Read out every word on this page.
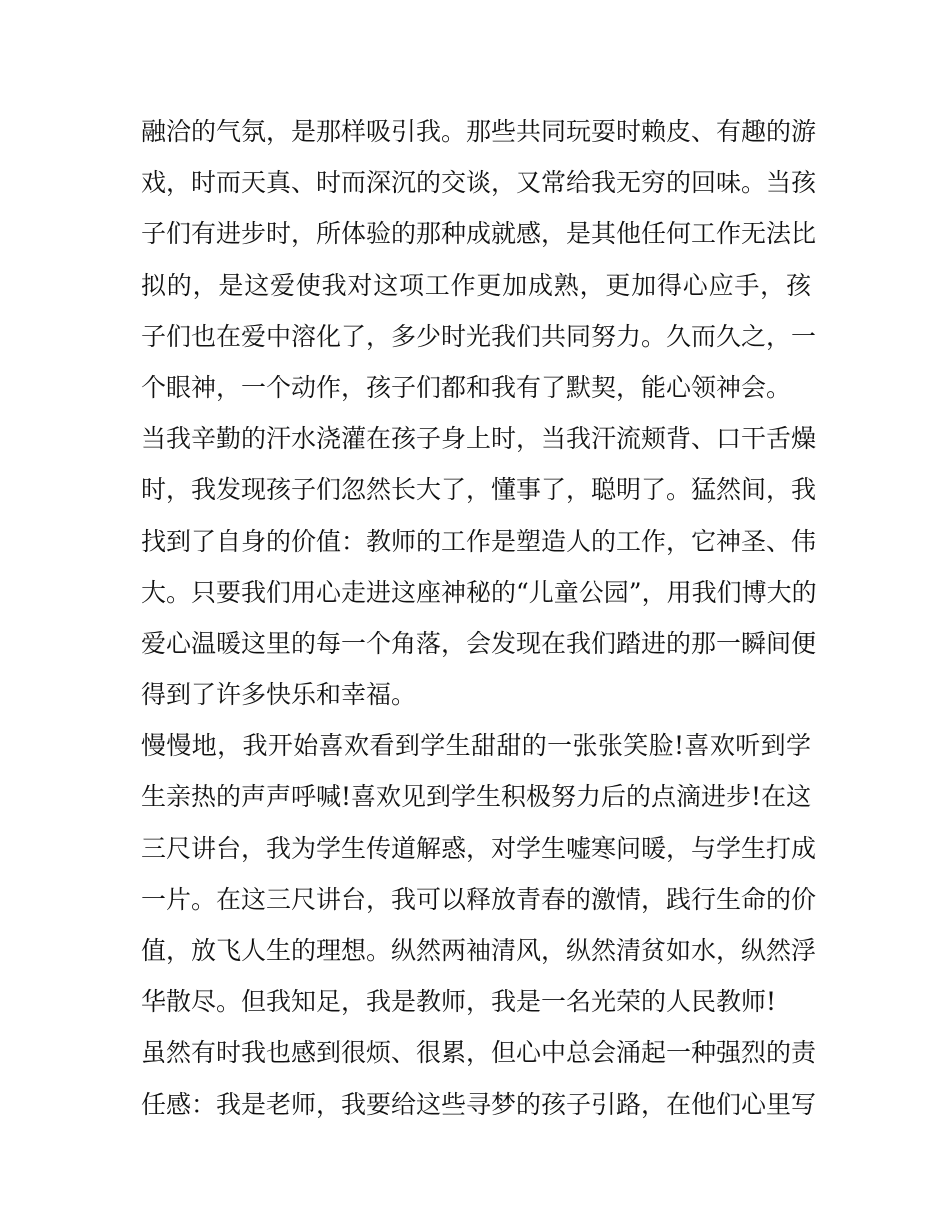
融洽的气氛，是那样吸引我。那些共同玩耍时赖皮、有趣的游
戏，时而天真、时而深沉的交谈，又常给我无穷的回味。当孩
子们有进步时，所体验的那种成就感，是其他任何工作无法比
拟的，是这爱使我对这项工作更加成熟，更加得心应手，孩
子们也在爱中溶化了，多少时光我们共同努力。久而久之，一
个眼神，一个动作，孩子们都和我有了默契，能心领神会。
当我辛勤的汗水浇灌在孩子身上时，当我汗流颊背、口干舌燥
时，我发现孩子们忽然长大了，懂事了，聪明了。猛然间，我
找到了自身的价值：教师的工作是塑造人的工作，它神圣、伟
大。只要我们用心走进这座神秘的“儿童公园”，用我们博大的
爱心温暖这里的每一个角落，会发现在我们踏进的那一瞬间便
得到了许多快乐和幸福。
慢慢地，我开始喜欢看到学生甜甜的一张张笑脸!喜欢听到学
生亲热的声声呼喊!喜欢见到学生积极努力后的点滴进步!在这
三尺讲台，我为学生传道解惑，对学生嘘寒问暖，与学生打成
一片。在这三尺讲台，我可以释放青春的激情，践行生命的价
值，放飞人生的理想。纵然两袖清风，纵然清贫如水，纵然浮
华散尽。但我知足，我是教师，我是一名光荣的人民教师!
虽然有时我也感到很烦、很累，但心中总会涌起一种强烈的责
任感：我是老师，我要给这些寻梦的孩子引路，在他们心里写
